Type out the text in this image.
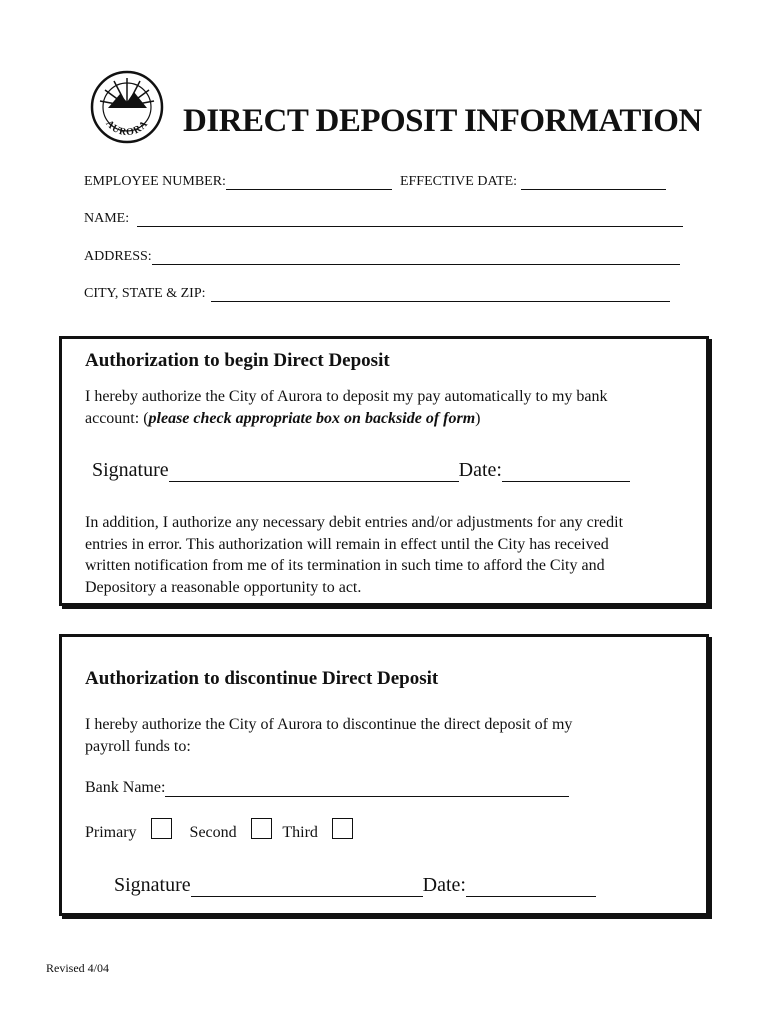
AURORA DIRECT DEPOSIT INFORMATION
EMPLOYEE NUMBER:	EFFECTIVE DATE:
NAME:
ADDRESS:
CITY, STATE & ZIP:
Authorization to begin Direct Deposit
I hereby authorize the City of Aurora to deposit my pay automatically to my bank
account: (please check appropriate box on backside of form)
Signature	Date:
In addition, I authorize any necessary debit entries and/or adjustments for any credit
entries in error. This authorization will remain in effect until the City has received
written notification from me of its termination in such time to afford the City and
Depository a reasonable opportunity to act.
Authorization to discontinue Direct Deposit
I hereby authorize the City of Aurora to discontinue the direct deposit of my
payroll funds to:
Bank Name:
Primary	Second	Third
Signature	Date:
Revised 4/04
